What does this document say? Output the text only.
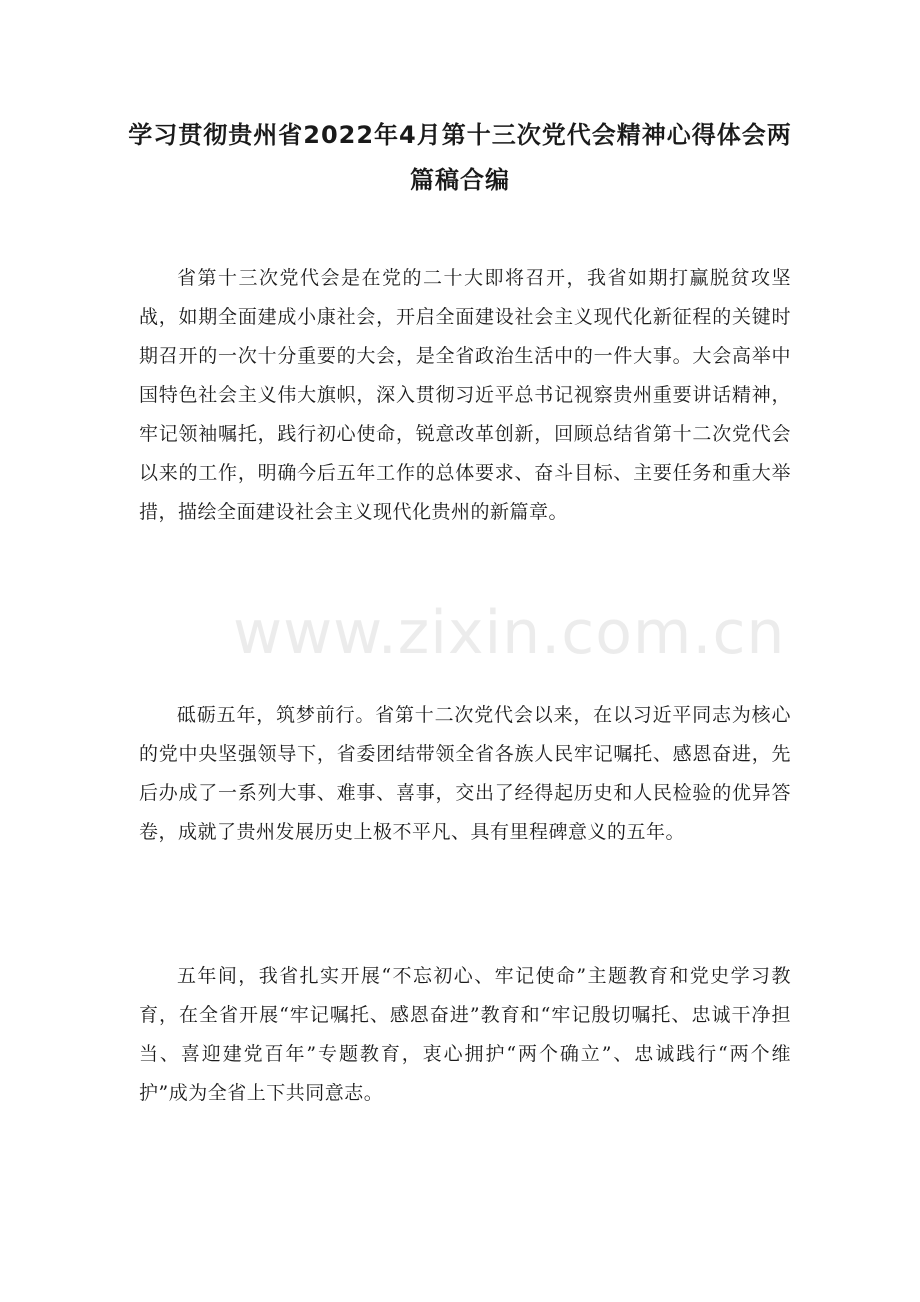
学习贯彻贵州省2022年4月第十三次党代会精神心得体会两篇稿合编

省第十三次党代会是在党的二十大即将召开，我省如期打赢脱贫攻坚战，如期全面建成小康社会，开启全面建设社会主义现代化新征程的关键时期召开的一次十分重要的大会，是全省政治生活中的一件大事。大会高举中国特色社会主义伟大旗帜，深入贯彻习近平总书记视察贵州重要讲话精神，牢记领袖嘱托，践行初心使命，锐意改革创新，回顾总结省第十二次党代会以来的工作，明确今后五年工作的总体要求、奋斗目标、主要任务和重大举措，描绘全面建设社会主义现代化贵州的新篇章。

砥砺五年，筑梦前行。省第十二次党代会以来，在以习近平同志为核心的党中央坚强领导下，省委团结带领全省各族人民牢记嘱托、感恩奋进，先后办成了一系列大事、难事、喜事，交出了经得起历史和人民检验的优异答卷，成就了贵州发展历史上极不平凡、具有里程碑意义的五年。

五年间，我省扎实开展“不忘初心、牢记使命”主题教育和党史学习教育，在全省开展“牢记嘱托、感恩奋进”教育和“牢记殷切嘱托、忠诚干净担当、喜迎建党百年”专题教育，衷心拥护“两个确立”、忠诚践行“两个维护”成为全省上下共同意志。

www.zixin.com.cn
